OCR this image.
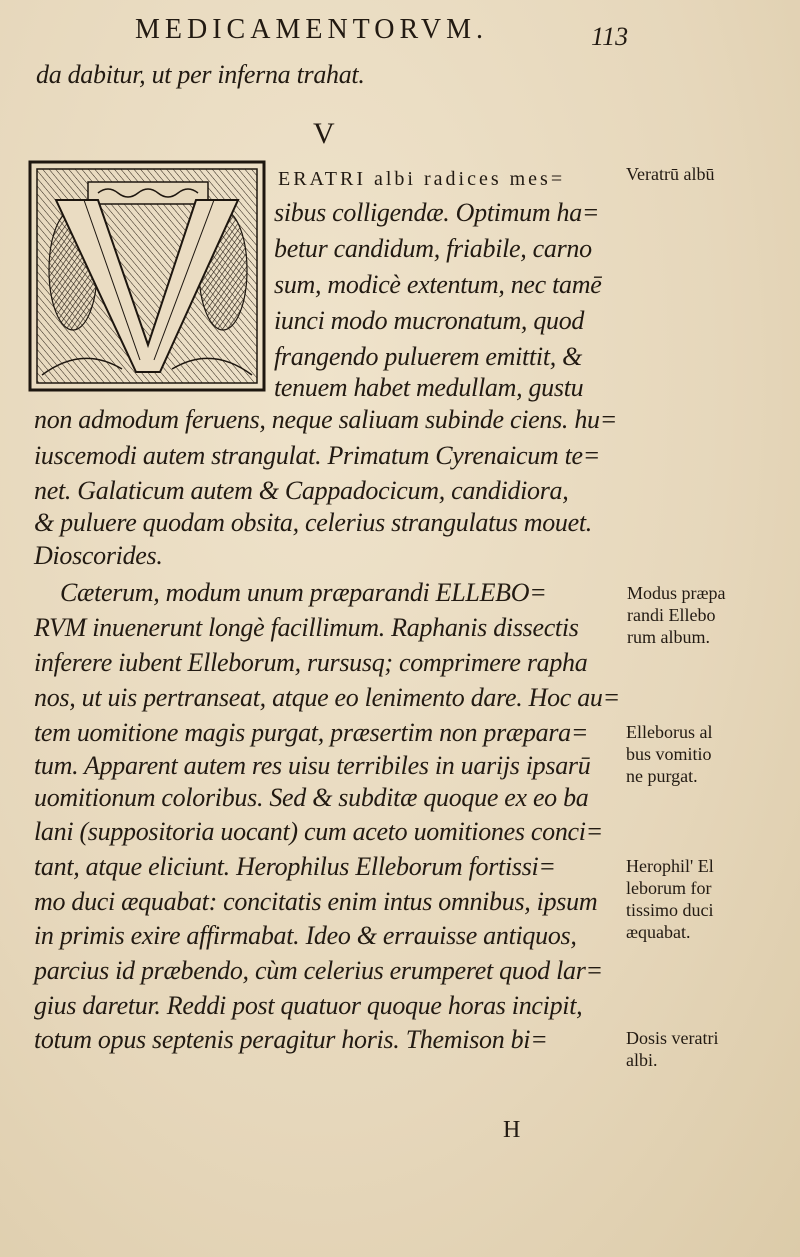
MEDICAMENTORVM.	113
da dabitur, ut per inferna trahat.
V
ERATRI albi radices mes=
sibus colligendæ. Optimum ha=
betur candidum, friabile, carno
sum, modicè extentum, nec tamē
iunci modo mucronatum, quod
frangendo puluerem emittit, &
tenuem habet medullam, gustu
non admodum feruens, neque saliuam subinde ciens. hu=
iuscemodi autem strangulat. Primatum Cyrenaicum te=
net. Galaticum autem & Cappadocicum, candidiora,
& puluere quodam obsita, celerius strangulatus mouet.
Dioscorides.
Cæterum, modum unum præparandi ELLEBO=
RVM inuenerunt longè facillimum. Raphanis dissectis
inferere iubent Elleborum, rursusq; comprimere rapha
nos, ut uis pertranseat, atque eo lenimento dare. Hoc au=
tem uomitione magis purgat, præsertim non præpara=
tum. Apparent autem res uisu terribiles in uarijs ipsarū
uomitionum coloribus. Sed & subditæ quoque ex eo ba
lani (suppositoria uocant) cum aceto uomitiones conci=
tant, atque eliciunt. Herophilus Elleborum fortissi=
mo duci æquabat: concitatis enim intus omnibus, ipsum
in primis exire affirmabat. Ideo & errauisse antiquos,
parcius id præbendo, cùm celerius erumperet quod lar=
gius daretur. Reddi post quatuor quoque horas incipit,
totum opus septenis peragitur horis. Themison bi=
Veratrū albū
Modus præpa
randi Ellebo
rum album.
Elleborus al
bus vomitio
ne purgat.
Herophil' El
leborum for
tissimo duci
æquabat.
Dosis veratri
albi.
H
